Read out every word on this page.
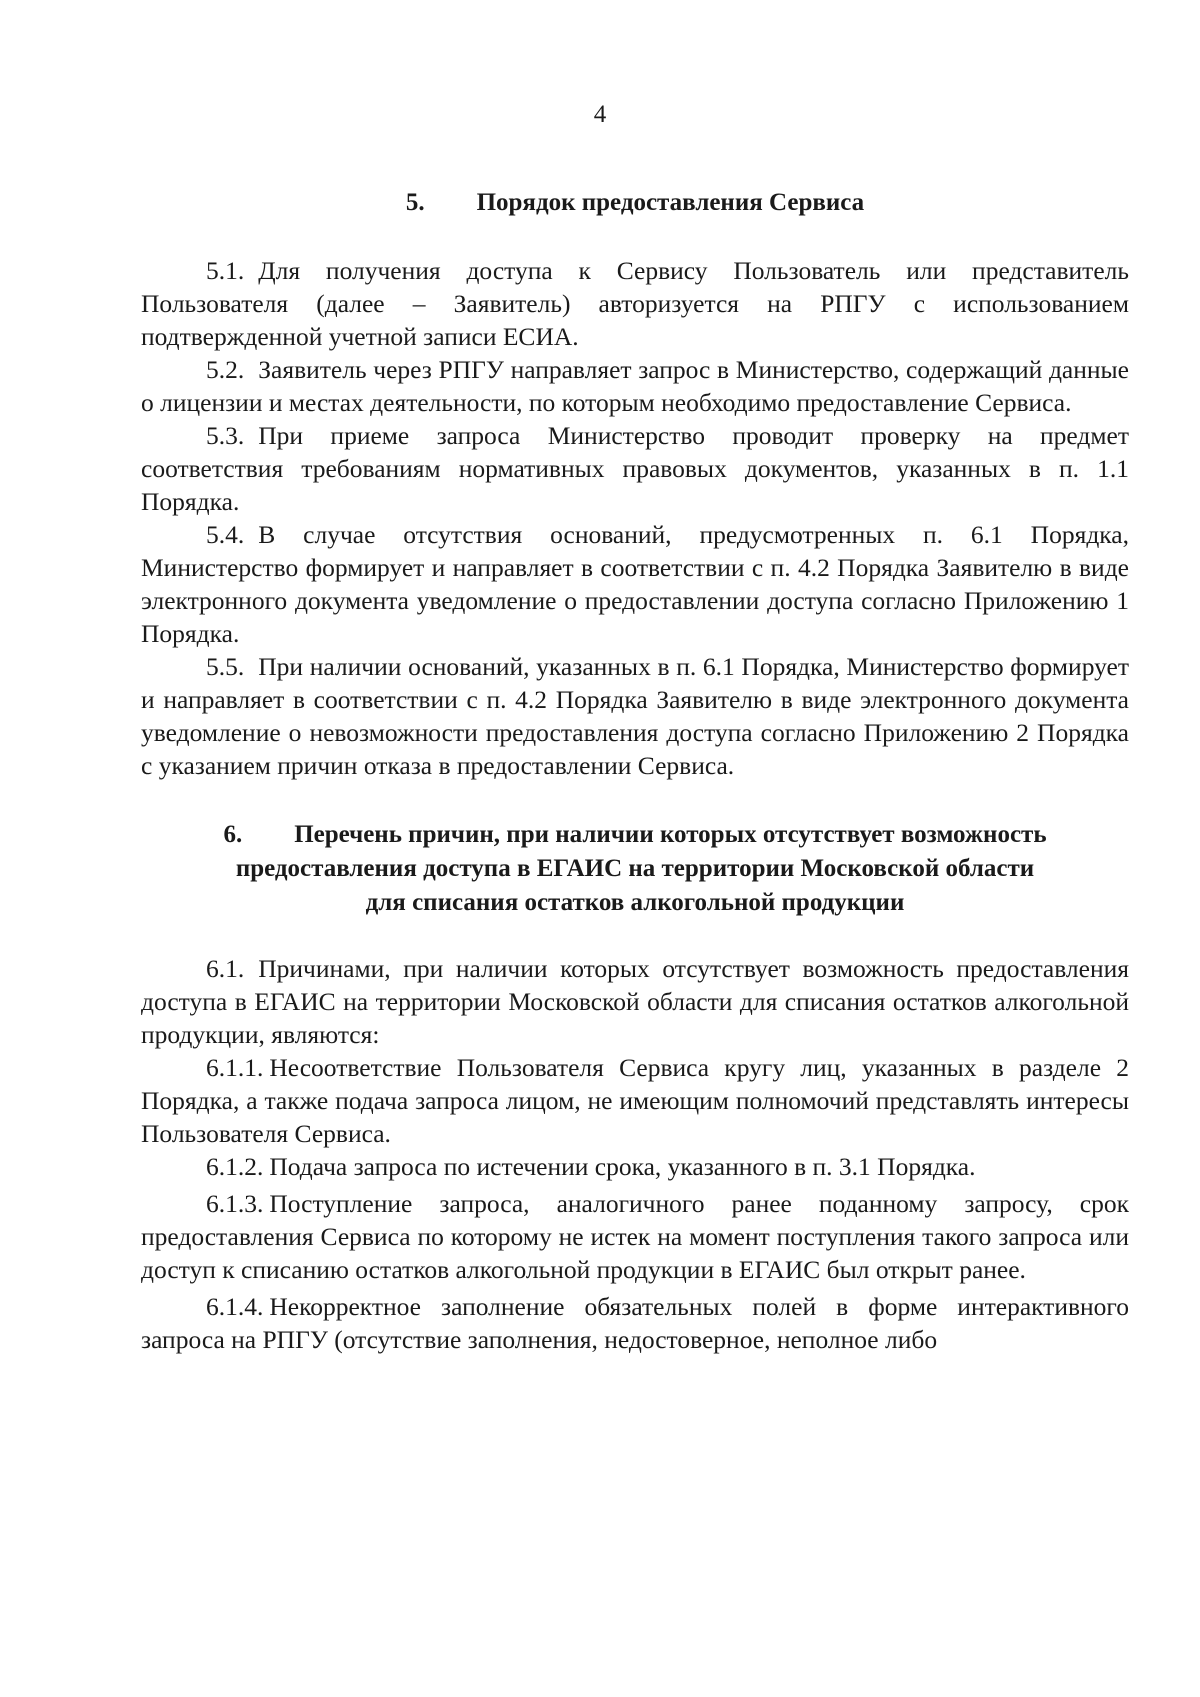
4
5. Порядок предоставления Сервиса

5.1. Для получения доступа к Сервису Пользователь или представитель Пользователя (далее – Заявитель) авторизуется на РПГУ с использованием подтвержденной учетной записи ЕСИА.

5.2. Заявитель через РПГУ направляет запрос в Министерство, содержащий данные о лицензии и местах деятельности, по которым необходимо предоставление Сервиса.

5.3. При приеме запроса Министерство проводит проверку на предмет соответствия требованиям нормативных правовых документов, указанных в п. 1.1 Порядка.

5.4. В случае отсутствия оснований, предусмотренных п. 6.1 Порядка, Министерство формирует и направляет в соответствии с п. 4.2 Порядка Заявителю в виде электронного документа уведомление о предоставлении доступа согласно Приложению 1 Порядка.

5.5. При наличии оснований, указанных в п. 6.1 Порядка, Министерство формирует и направляет в соответствии с п. 4.2 Порядка Заявителю в виде электронного документа уведомление о невозможности предоставления доступа согласно Приложению 2 Порядка с указанием причин отказа в предоставлении Сервиса.

6. Перечень причин, при наличии которых отсутствует возможность
предоставления доступа в ЕГАИС на территории Московской области
для списания остатков алкогольной продукции

6.1. Причинами, при наличии которых отсутствует возможность предоставления доступа в ЕГАИС на территории Московской области для списания остатков алкогольной продукции, являются:

6.1.1. Несоответствие Пользователя Сервиса кругу лиц, указанных в разделе 2 Порядка, а также подача запроса лицом, не имеющим полномочий представлять интересы Пользователя Сервиса.

6.1.2. Подача запроса по истечении срока, указанного в п. 3.1 Порядка.

6.1.3. Поступление запроса, аналогичного ранее поданному запросу, срок предоставления Сервиса по которому не истек на момент поступления такого запроса или доступ к списанию остатков алкогольной продукции в ЕГАИС был открыт ранее.

6.1.4. Некорректное заполнение обязательных полей в форме интерактивного запроса на РПГУ (отсутствие заполнения, недостоверное, неполное либо
